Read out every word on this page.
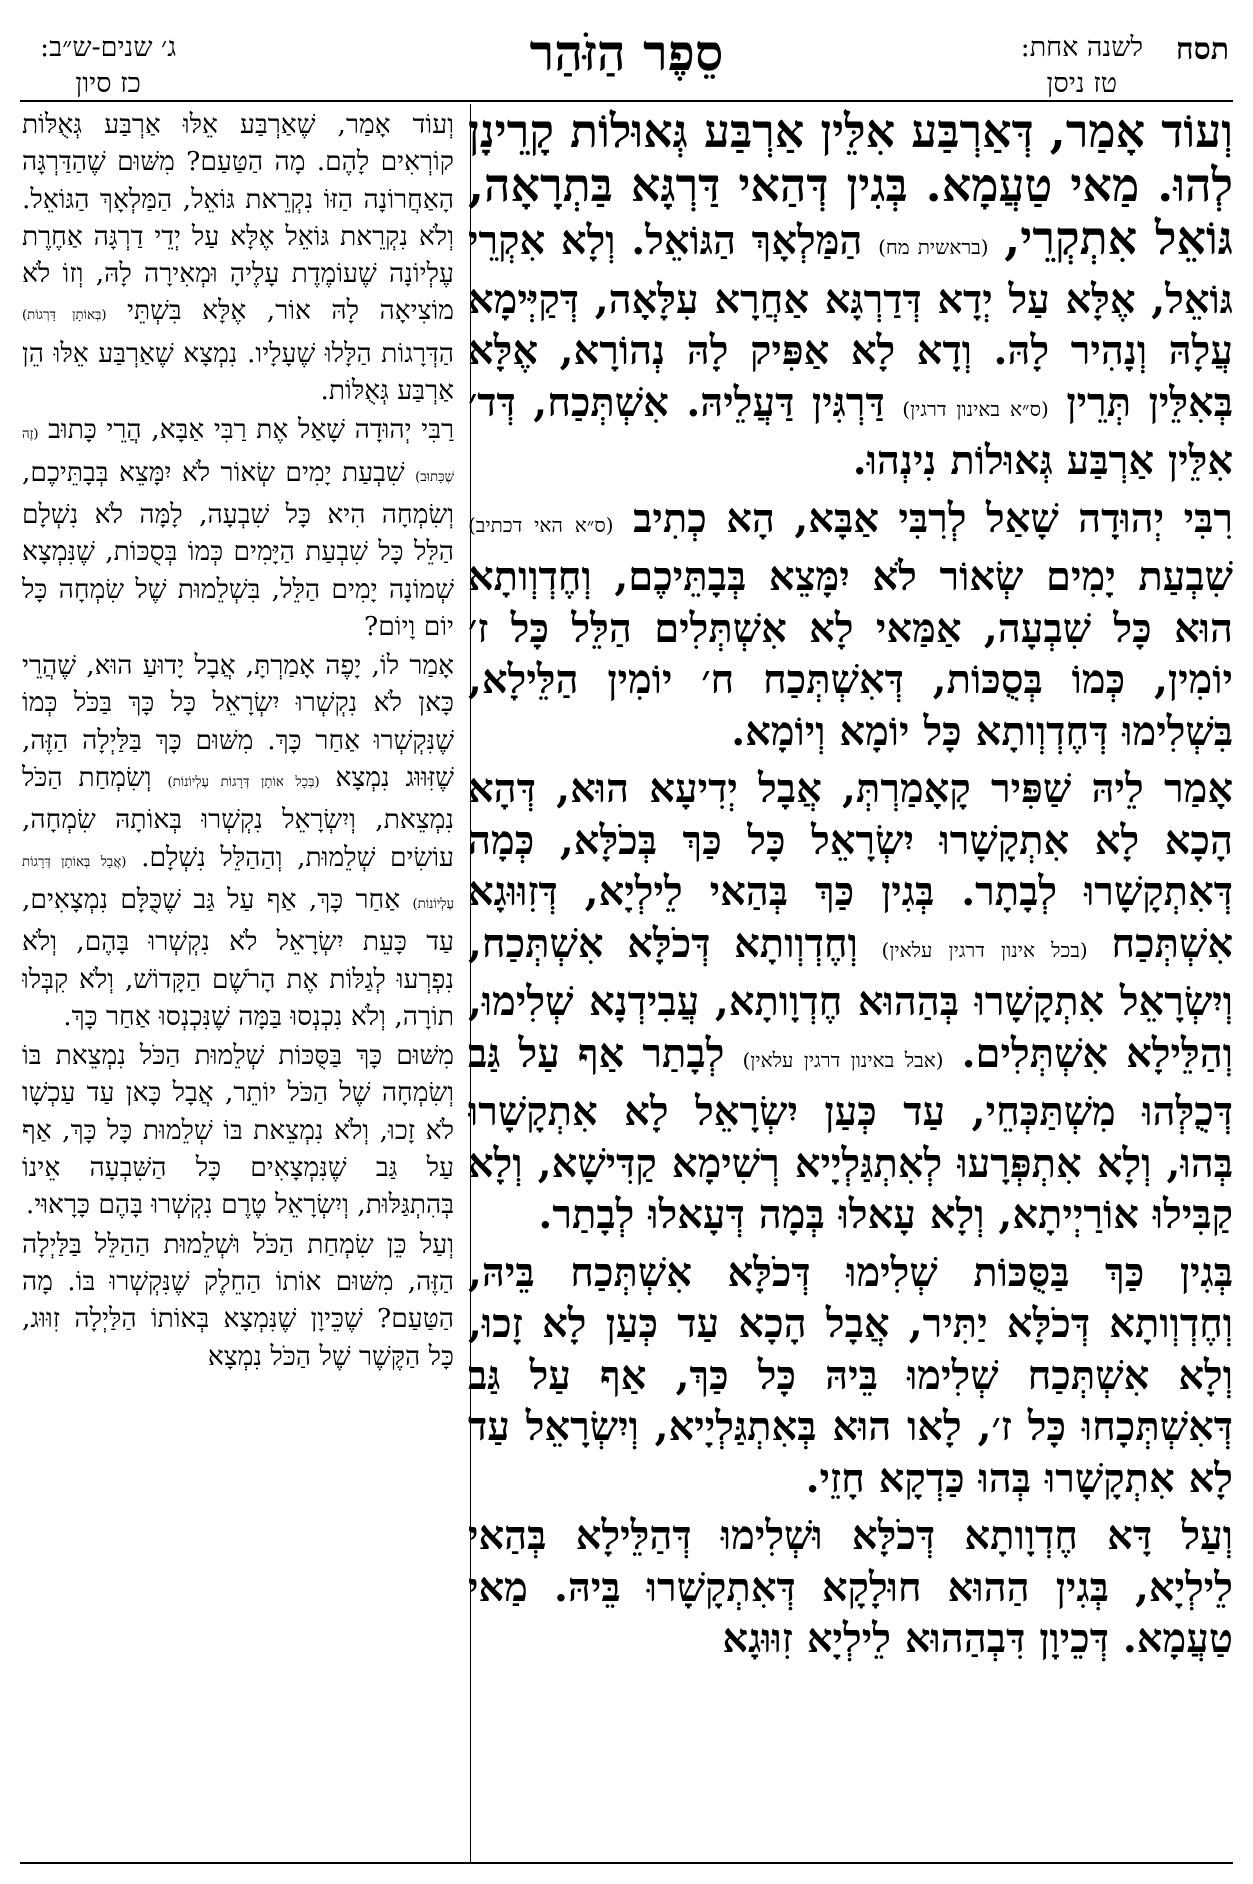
תסח
לשנה אחת:
טז ניסן
סֵפֶר הַזֹּהַר
ג׳ שנים-ש״ב:
כז סיון

וְעוֹד אָמַר, דְּאַרְבַּע אִלֵּין אַרְבַּע גְּאוּלוֹת קָרֵינָן לְהוּ. מַאי טַעֲמָא. בְּגִין דְּהַאי דַּרְגָּא בַּתְרָאָה, גּוֹאֵל אִתְקְרֵי, (בראשית מח) הַמַּלְאָךְ הַגּוֹאֵל. וְלָא אִקְרֵי גּוֹאֵל, אֶלָּא עַל יְדָא דְּדַרְגָּא אַחֲרָא עִלָּאָה, דְּקַיְּימָא עֲלָהּ וְנָהִיר לָהּ. וְדָא לָא אַפִּיק לָהּ נְהוֹרָא, אֶלָּא בְּאִלֵּין תְּרֵין (ס״א באינון דרגין) דַּרְגִּין דַּעֲלֵיהּ. אִשְׁתְּכַח, דְּד׳ אִלֵּין אַרְבַּע גְּאוּלוֹת נִינְהוּ.

רִבִּי יְהוּדָה שָׁאַל לְרִבִּי אַבָּא, הָא כְתִיב (ס״א האי דכתיב) שִׁבְעַת יָמִים שְׂאוֹר לֹא יִמָּצֵא בְּבָתֵּיכֶם, וְחֶדְוְותָא הוּא כָּל שִׁבְעָה, אַמַּאי לָא אִשְׁתְּלִים הַלֵּל כָּל ז׳ יוֹמִין, כְּמוֹ בְּסֻכּוֹת, דְּאִשְׁתְּכַח ח׳ יוֹמִין הַלֵּילָא, בִּשְׁלִימוּ דְּחֶדְוְותָא כָּל יוֹמָא וְיוֹמָא.

אָמַר לֵיהּ שַׁפִּיר קָאָמַרְתְּ, אֲבָל יְדִיעָא הוּא, דְּהָא הָכָא לָא אִתְקָשָׁרוּ יִשְׂרָאֵל כָּל כַּךְ בְּכֹלָּא, כְּמָה דְּאִתְקָשָׁרוּ לְבָתָר. בְּגִין כַּךְ בְּהַאי לֵילְיָא, דְּזִוּוּגָא אִשְׁתְּכַח (בכל אינון דרגין עלאין) וְחֶדְוְותָא דְּכֹלָּא אִשְׁתְּכַח, וְיִשְׂרָאֵל אִתְקָשָׁרוּ בְּהַהוּא חֶדְוָותָא, עֲבִידְנָא שְׁלִימוּ, וְהַלֵּילָא אִשְׁתְּלִים. (אבל באינון דרגין עלאין) לְבָתַר אַף עַל גַּב דְּכֻלְּהוּ מִשְׁתַּכְּחֵי, עַד כְּעַן יִשְׂרָאֵל לָא אִתְקָשָׁרוּ בְּהוּ, וְלָא אִתְפְּרָעוּ לְאִתְגַּלְיָיא רְשִׁימָא קַדִּישָׁא, וְלָא קַבִּילוּ אוֹרַיְיתָא, וְלָא עָאלוּ בְּמָה דְּעָאלוּ לְבָתַר.

בְּגִין כַּךְ בַּסֻּכּוֹת שְׁלִימוּ דְּכֹלָּא אִשְׁתְּכַח בֵּיהּ, וְחֶדְוְותָא דְּכֹלָּא יַתִּיר, אֲבָל הָכָא עַד כְּעַן לָא זָכוּ, וְלָא אִשְׁתְּכַח שְׁלִימוּ בֵּיהּ כָּל כַּךְ, אַף עַל גַּב דְּאִשְׁתְּכָחוּ כָּל ז׳, לָאו הוּא בְּאִתְגַּלְיָיא, וְיִשְׂרָאֵל עַד לָא אִתְקָשָׁרוּ בְּהוּ כַּדְקָא חָזֵי.

וְעַל דָּא חֶדְוָותָא דְּכֹלָּא וּשְׁלִימוּ דְּהַלֵּילָא בְּהַאי לֵילְיָא, בְּגִין הַהוּא חוּלָקָא דְּאִתְקָשָׁרוּ בֵּיהּ. מַאי טַעֲמָא. דְּכֵיוָן דִּבְהַהוּא לֵילְיָא זִוּוּגָא

וְעוֹד אָמַר, שֶׁאַרְבַּע אֵלּוּ אַרְבַּע גְּאֻלּוֹת קוֹרְאִים לָהֶם. מָה הַטַּעַם? מִשּׁוּם שֶׁהַדַּרְגָּה הָאַחֲרוֹנָה הַזּוֹ נִקְרֵאת גּוֹאֵל, הַמַּלְאָךְ הַגּוֹאֵל. וְלֹא נִקְרֵאת גּוֹאֵל אֶלָּא עַל יְדֵי דַרְגָּה אַחֶרֶת עֶלְיוֹנָה שֶׁעוֹמֶדֶת עָלֶיהָ וּמְאִירָה לָהּ, וְזוֹ לֹא מוֹצִיאָה לָהּ אוֹר, אֶלָּא בִּשְׁתֵּי (בְּאוֹתָן דַּרְגוֹת) הַדְּרָגוֹת הַלָּלוּ שֶׁעָלָיו. נִמְצָא שֶׁאַרְבַּע אֵלּוּ הֵן אַרְבַּע גְּאֻלּוֹת.

רַבִּי יְהוּדָה שָׁאַל אֶת רַבִּי אַבָּא, הֲרֵי כָּתוּב (זֶה שֶׁכָּתוּב) שִׁבְעַת יָמִים שְׂאוֹר לֹא יִמָּצֵא בְּבָתֵּיכֶם, וְשִׂמְחָה הִיא כָּל שִׁבְעָה, לָמָּה לֹא נִשְׁלָם הַלֵּל כָּל שִׁבְעַת הַיָּמִים כְּמוֹ בְּסֻכּוֹת, שֶׁנִּמְצָא שְׁמוֹנָה יָמִים הַלֵּל, בִּשְׁלֵמוּת שֶׁל שִׂמְחָה כָּל יוֹם וָיוֹם?

אָמַר לוֹ, יָפֶה אָמַרְתָּ, אֲבָל יָדוּעַ הוּא, שֶׁהֲרֵי כָּאן לֹא נִקְשְׁרוּ יִשְׂרָאֵל כָּל כָּךְ בַּכֹּל כְּמוֹ שֶׁנִּקְשְׁרוּ אַחַר כָּךְ. מִשּׁוּם כָּךְ בַּלַּיְלָה הַזֶּה, שֶׁזִּוּוּג נִמְצָא (בְּכָל אוֹתָן דְּרָגוֹת עֶלְיוֹנוֹת) וְשִׂמְחַת הַכֹּל נִמְצֵאת, וְיִשְׂרָאֵל נִקְשְׁרוּ בְּאוֹתָהּ שִׂמְחָה, עוֹשִׂים שְׁלֵמוּת, וְהַהַלֵּל נִשְׁלָם. (אֲבָל בְּאוֹתָן דְּרָגוֹת עֶלְיוֹנוֹת) אַחַר כָּךְ, אַף עַל גַּב שֶׁכֻּלָּם נִמְצָאִים, עַד כָּעֵת יִשְׂרָאֵל לֹא נִקְשְׁרוּ בָּהֶם, וְלֹא נִפְרְעוּ לְגַלּוֹת אֶת הָרֹשֶׁם הַקָּדוֹשׁ, וְלֹא קִבְּלוּ תוֹרָה, וְלֹא נִכְנְסוּ בַּמָּה שֶׁנִּכְנְסוּ אַחַר כָּךְ.

מִשּׁוּם כָּךְ בַּסֻּכּוֹת שְׁלֵמוּת הַכֹּל נִמְצֵאת בּוֹ וְשִׂמְחָה שֶׁל הַכֹּל יוֹתֵר, אֲבָל כָּאן עַד עַכְשָׁו לֹא זָכוּ, וְלֹא נִמְצֵאת בּוֹ שְׁלֵמוּת כָּל כָּךְ, אַף עַל גַּב שֶׁנִּמְצָאִים כָּל הַשִּׁבְעָה אֵינוֹ בְּהִתְגַּלּוּת, וְיִשְׂרָאֵל טֶרֶם נִקְשְׁרוּ בָּהֶם כָּרָאוּי.

וְעַל כֵּן שִׂמְחַת הַכֹּל וּשְׁלֵמוּת הַהַלֵּל בַּלַּיְלָה הַזֶּה, מִשּׁוּם אוֹתוֹ הַחֵלֶק שֶׁנִּקְשְׁרוּ בּוֹ. מָה הַטַּעַם? שֶׁכֵּיוָן שֶׁנִּמְצָא בְּאוֹתוֹ הַלַּיְלָה זִוּוּג, כָּל הַקֶּשֶׁר שֶׁל הַכֹּל נִמְצָא
